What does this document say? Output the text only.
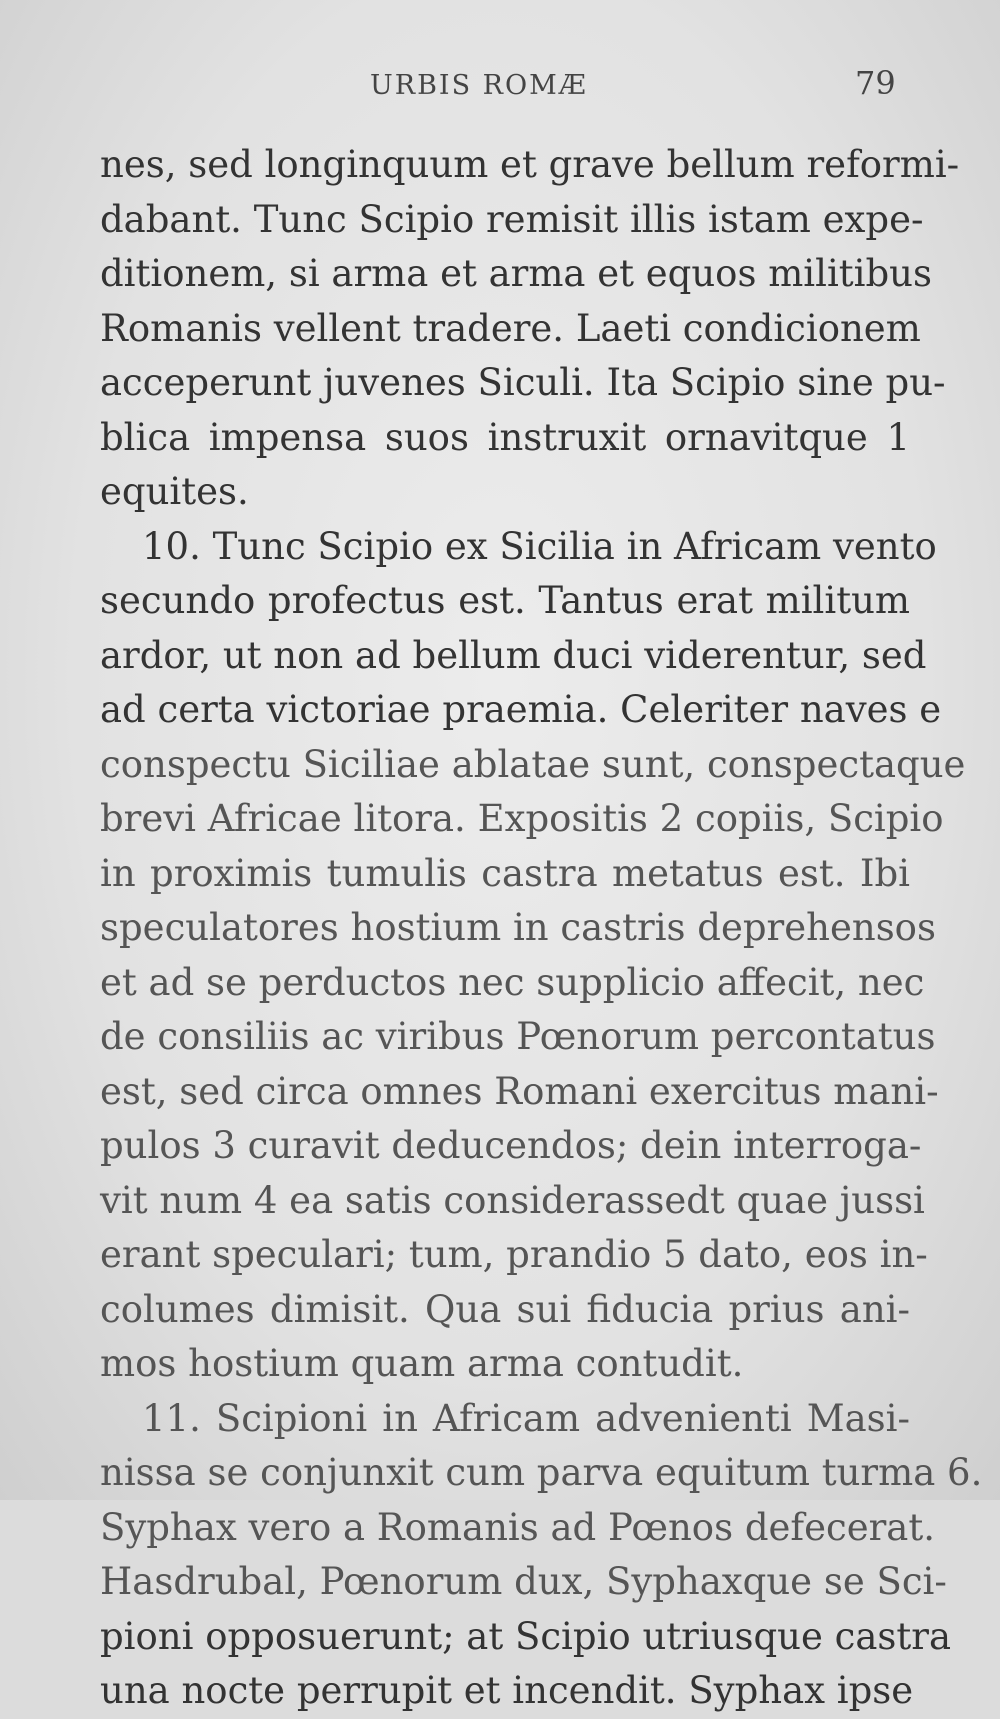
URBIS ROMÆ	79
nes, sed longinquum et grave bellum reformi-
dabant. Tunc Scipio remisit illis istam expe-
ditionem, si arma et arma et equos militibus
Romanis vellent tradere. Laeti condicionem
acceperunt juvenes Siculi. Ita Scipio sine pu-
blica impensa suos instruxit ornavitque 1
equites.
10. Tunc Scipio ex Sicilia in Africam vento
secundo profectus est. Tantus erat militum
ardor, ut non ad bellum duci viderentur, sed
ad certa victoriae praemia. Celeriter naves e
conspectu Siciliae ablatae sunt, conspectaque
brevi Africae litora. Expositis 2 copiis, Scipio
in proximis tumulis castra metatus est. Ibi
speculatores hostium in castris deprehensos
et ad se perductos nec supplicio affecit, nec
de consiliis ac viribus Pœnorum percontatus
est, sed circa omnes Romani exercitus mani-
pulos 3 curavit deducendos; dein interroga-
vit num 4 ea satis considerassedt quae jussi
erant speculari; tum, prandio 5 dato, eos in-
columes dimisit. Qua sui fiducia prius ani-
mos hostium quam arma contudit.
11. Scipioni in Africam advenienti Masi-
nissa se conjunxit cum parva equitum turma 6.
Syphax vero a Romanis ad Pœnos defecerat.
Hasdrubal, Pœnorum dux, Syphaxque se Sci-
pioni opposuerunt; at Scipio utriusque castra
una nocte perrupit et incendit. Syphax ipse
